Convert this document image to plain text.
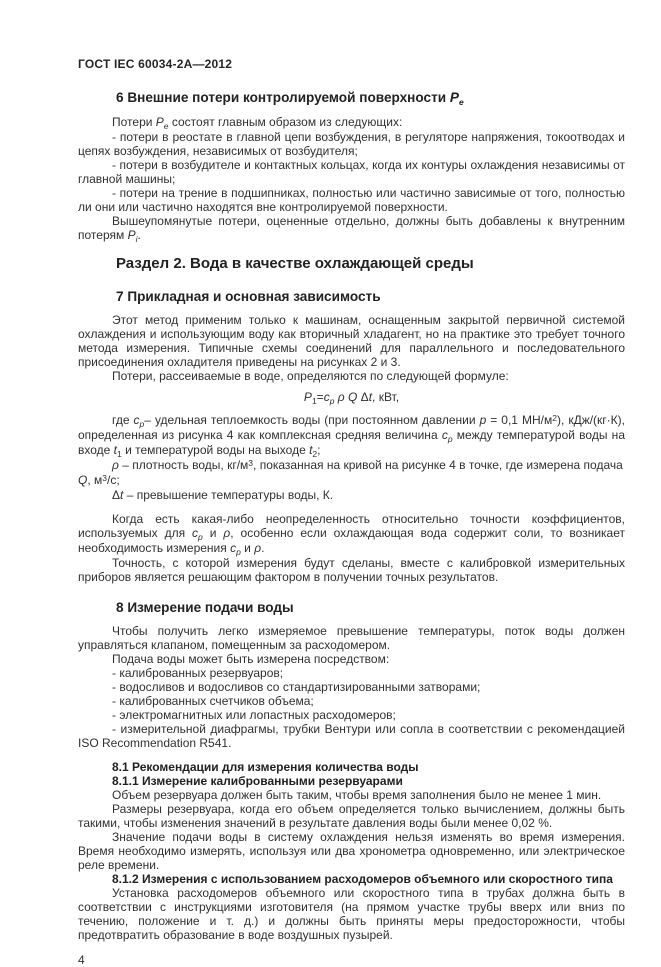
ГОСТ IEC 60034-2А—2012
6 Внешние потери контролируемой поверхности Pе

Потери $P_е$ состоят главным образом из следующих:

- потери в реостате в главной цепи возбуждения, в регуляторе напряжения, токоотводах и цепях возбуждения, независимых от возбудителя;

- потери в возбудителе и контактных кольцах, когда их контуры охлаждения независимы от главной машины;

- потери на трение в подшипниках, полностью или частично зависимые от того, полностью ли они или частично находятся вне контролируемой поверхности.

Вышеупомянутые потери, оцененные отдельно, должны быть добавлены к внутренним потерям $P_i$.

Раздел 2. Вода в качестве охлаждающей среды
7 Прикладная и основная зависимость

Этот метод применим только к машинам, оснащенным закрытой первичной системой охлаждения и использующим воду как вторичный хладагент, но на практике это требует точного метода измерения. Типичные схемы соединений для параллельного и последовательного присоединения охладителя приведены на рисунках 2 и 3.

Потери, рассеиваемые в воде, определяются по следующей формуле:

$P_1=c_p$ ρ Q Δt, кВт,

где $c_p-$ удельная теплоемкость воды (при постоянном давлении p = 0,1 $МН/м^2$), кДж/(кг·К), определенная из рисунка 4 как комплексная средняя величина $c_p$ между температурой воды на входе $t_1$ и температурой воды на выходе $t_2$;

ρ – плотность воды, $кг/м^3$, показанная на кривой на рисунке 4 в точке, где измерена подача Q, $м^3/с$;

Δt – превышение температуры воды, К.

Когда есть какая-либо неопределенность относительно точности коэффициентов, используемых для $c_p$ и ρ, особенно если охлаждающая вода содержит соли, то возникает необходимость измерения $c_p$ и ρ.

Точность, с которой измерения будут сделаны, вместе с калибровкой измерительных приборов является решающим фактором в получении точных результатов.

8 Измерение подачи воды

Чтобы получить легко измеряемое превышение температуры, поток воды должен управляться клапаном, помещенным за расходомером.

Подача воды может быть измерена посредством:

- калиброванных резервуаров;

- водосливов и водосливов со стандартизированными затворами;

- калиброванных счетчиков объема;

- электромагнитных или лопастных расходомеров;

- измерительной диафрагмы, трубки Вентури или сопла в соответствии с рекомендацией ISO Recommendation R541.

8.1 Рекомендации для измерения количества воды

8.1.1 Измерение калиброванными резервуарами

Объем резервуара должен быть таким, чтобы время заполнения было не менее 1 мин.

Размеры резервуара, когда его объем определяется только вычислением, должны быть такими, чтобы изменения значений в результате давления воды были менее 0,02 %.

Значение подачи воды в систему охлаждения нельзя изменять во время измерения. Время необходимо измерять, используя или два хронометра одновременно, или электрическое реле времени.

8.1.2 Измерения с использованием расходомеров объемного или скоростного типа

Установка расходомеров объемного или скоростного типа в трубах должна быть в соответствии с инструкциями изготовителя (на прямом участке трубы вверх или вниз по течению, положение и т. д.) и должны быть приняты меры предосторожности, чтобы предотвратить образование в воде воздушных пузырей.

4
